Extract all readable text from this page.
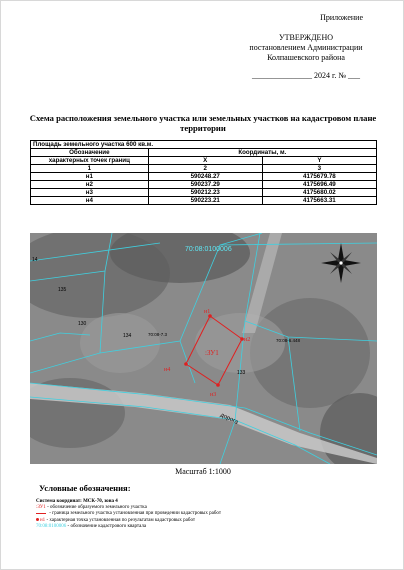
Приложение
УТВЕРЖДЕНО
постановлением Администрации
Колпашевского района
_______________ 2024 г. № ___
Схема расположения земельного участка или земельных участков на кадастровом плане территории
Площадь земельного участка 600 кв.м.		
Обозначение	Координаты, м.	
характерных точек границ	X	Y
1	2	3
н1	590248.27	4175679.78
н2	590237.29	4175696.49
н3	590212.23	4175680.02
н4	590223.21	4175663.31
70:08:0100006
н1
н2
н3
н4
:ЗУ1
135
130
134
133
14
70:08-7.3
70:08-6.448
дорога
Масштаб 1:1000
Условные обозначения:
Система координат: МСК-70, зона 4
:ЗУ1 - обозначение образуемого земельного участка
- граница земельного участка установленная при проведении кадастровых работ
н1 - характерная точка установленная по результатам кадастровых работ
70:08:0100006 - обозначение кадастрового квартала
